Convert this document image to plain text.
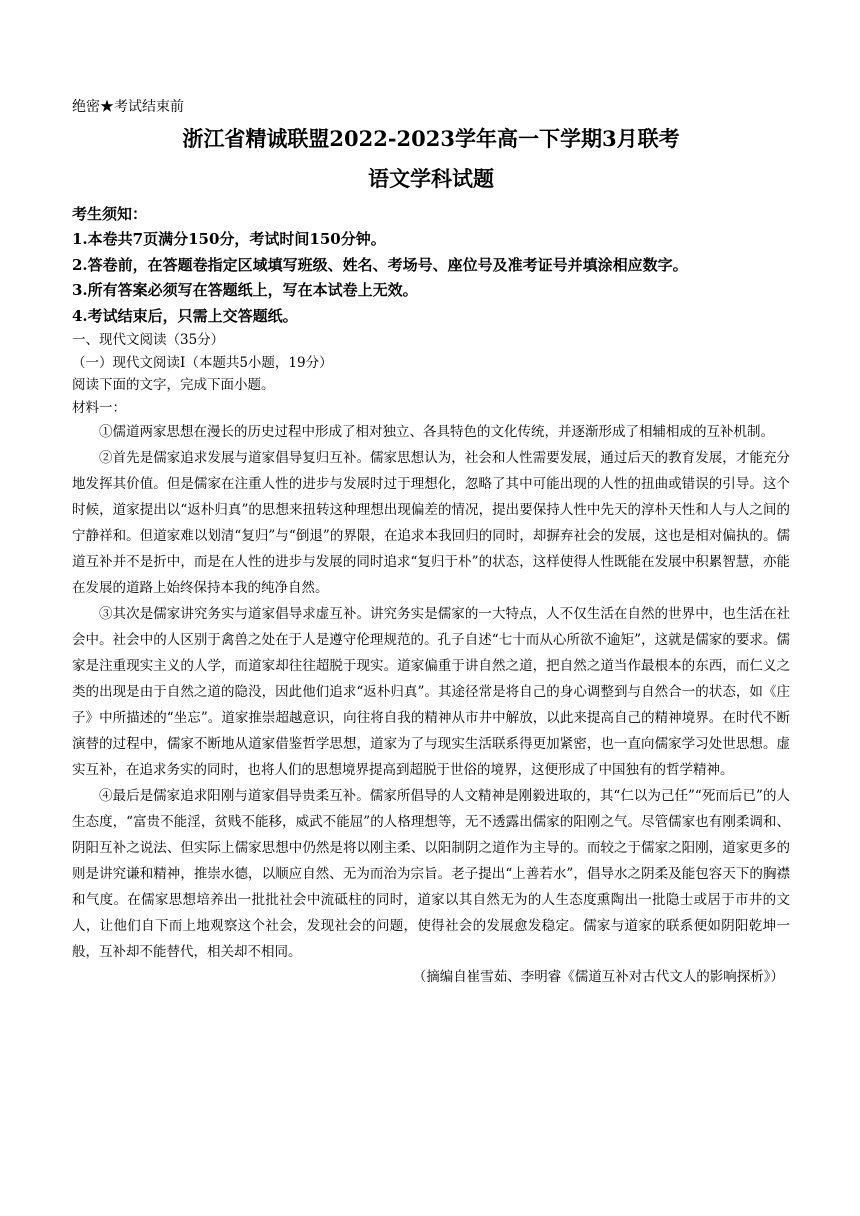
绝密★考试结束前
浙江省精诚联盟2022-2023学年高一下学期3月联考
语文学科试题
考生须知：
1.本卷共7页满分150分，考试时间150分钟。
2.答卷前，在答题卷指定区域填写班级、姓名、考场号、座位号及准考证号并填涂相应数字。
3.所有答案必须写在答题纸上，写在本试卷上无效。
4.考试结束后，只需上交答题纸。
一、现代文阅读（35分）
（一）现代文阅读Ⅰ（本题共5小题，19分）
阅读下面的文字，完成下面小题。
材料一：

①儒道两家思想在漫长的历史过程中形成了相对独立、各具特色的文化传统，并逐渐形成了相辅相成的互补机制。

②首先是儒家追求发展与道家倡导复归互补。儒家思想认为，社会和人性需要发展，通过后天的教育发展，才能充分地发挥其价值。但是儒家在注重人性的进步与发展时过于理想化，忽略了其中可能出现的人性的扭曲或错误的引导。这个时候，道家提出以“返朴归真”的思想来扭转这种理想出现偏差的情况，提出要保持人性中先天的淳朴天性和人与人之间的宁静祥和。但道家难以划清“复归”与“倒退”的界限，在追求本我回归的同时，却摒弃社会的发展，这也是相对偏执的。儒道互补并不是折中，而是在人性的进步与发展的同时追求“复归于朴”的状态，这样使得人性既能在发展中积累智慧，亦能在发展的道路上始终保持本我的纯净自然。

③其次是儒家讲究务实与道家倡导求虚互补。讲究务实是儒家的一大特点，人不仅生活在自然的世界中，也生活在社会中。社会中的人区别于禽兽之处在于人是遵守伦理规范的。孔子自述“七十而从心所欲不逾矩”，这就是儒家的要求。儒家是注重现实主义的人学，而道家却往往超脱于现实。道家偏重于讲自然之道，把自然之道当作最根本的东西，而仁义之类的出现是由于自然之道的隐没，因此他们追求“返朴归真”。其途径常是将自己的身心调整到与自然合一的状态，如《庄子》中所描述的“坐忘”。道家推崇超越意识，向往将自我的精神从市井中解放，以此来提高自己的精神境界。在时代不断演替的过程中，儒家不断地从道家借鉴哲学思想，道家为了与现实生活联系得更加紧密，也一直向儒家学习处世思想。虚实互补，在追求务实的同时，也将人们的思想境界提高到超脱于世俗的境界，这便形成了中国独有的哲学精神。

④最后是儒家追求阳刚与道家倡导贵柔互补。儒家所倡导的人文精神是刚毅进取的，其“仁以为己任”“死而后已”的人生态度，“富贵不能淫，贫贱不能移，威武不能屈”的人格理想等，无不透露出儒家的阳刚之气。尽管儒家也有刚柔调和、阴阳互补之说法、但实际上儒家思想中仍然是将以刚主柔、以阳制阴之道作为主导的。而较之于儒家之阳刚，道家更多的则是讲究谦和精神，推崇水德，以顺应自然、无为而治为宗旨。老子提出“上善若水”，倡导水之阴柔及能包容天下的胸襟和气度。在儒家思想培养出一批批社会中流砥柱的同时，道家以其自然无为的人生态度熏陶出一批隐士或居于市井的文人，让他们自下而上地观察这个社会，发现社会的问题，使得社会的发展愈发稳定。儒家与道家的联系便如阴阳乾坤一般，互补却不能替代，相关却不相同。

（摘编自崔雪茹、李明睿《儒道互补对古代文人的影响探析》）
